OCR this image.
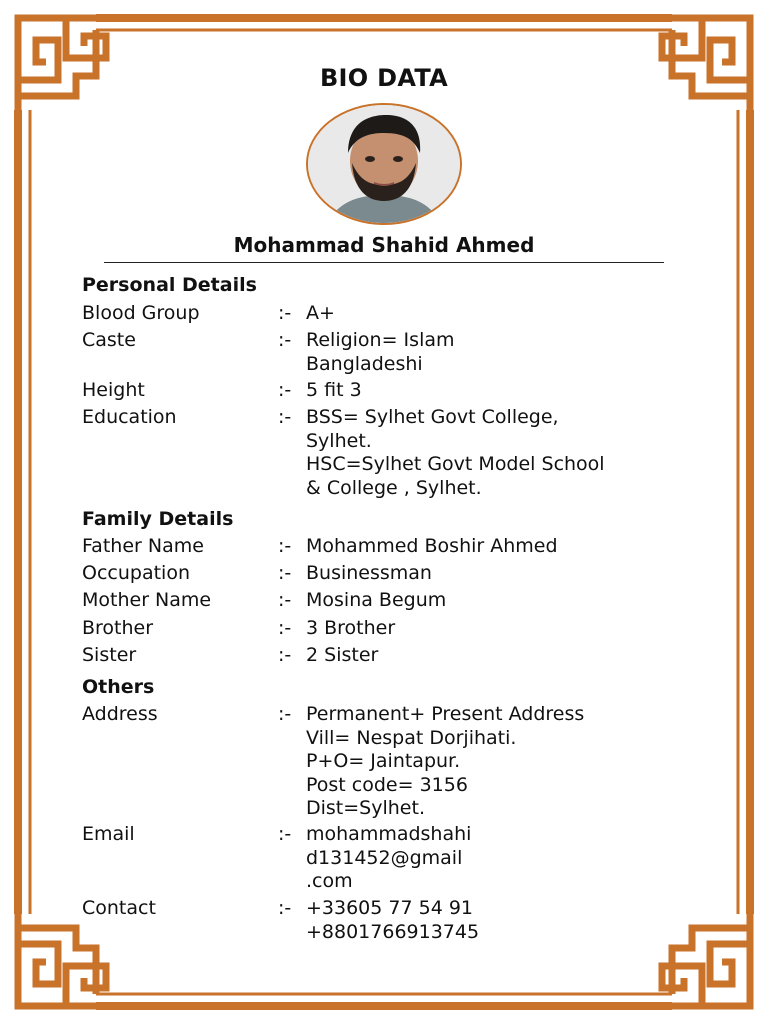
BIO DATA
Mohammad Shahid Ahmed
Personal Details
Blood Group	:- A+
Caste	:- Religion= Islam
Bangladeshi
Height	:- 5 fit 3
Education	:- BSS= Sylhet Govt College,
Sylhet.
HSC=Sylhet Govt Model School
& College , Sylhet.
Family Details
Father Name	:- Mohammed Boshir Ahmed
Occupation	:- Businessman
Mother Name	:- Mosina Begum
Brother	:- 3 Brother
Sister	:- 2 Sister
Others
Address	:- Permanent+ Present Address
Vill= Nespat Dorjihati.
P+O= Jaintapur.
Post code= 3156
Dist=Sylhet.
Email	:- mohammadshahi
d131452@gmail
.com
Contact	:- +33605 77 54 91
+8801766913745
